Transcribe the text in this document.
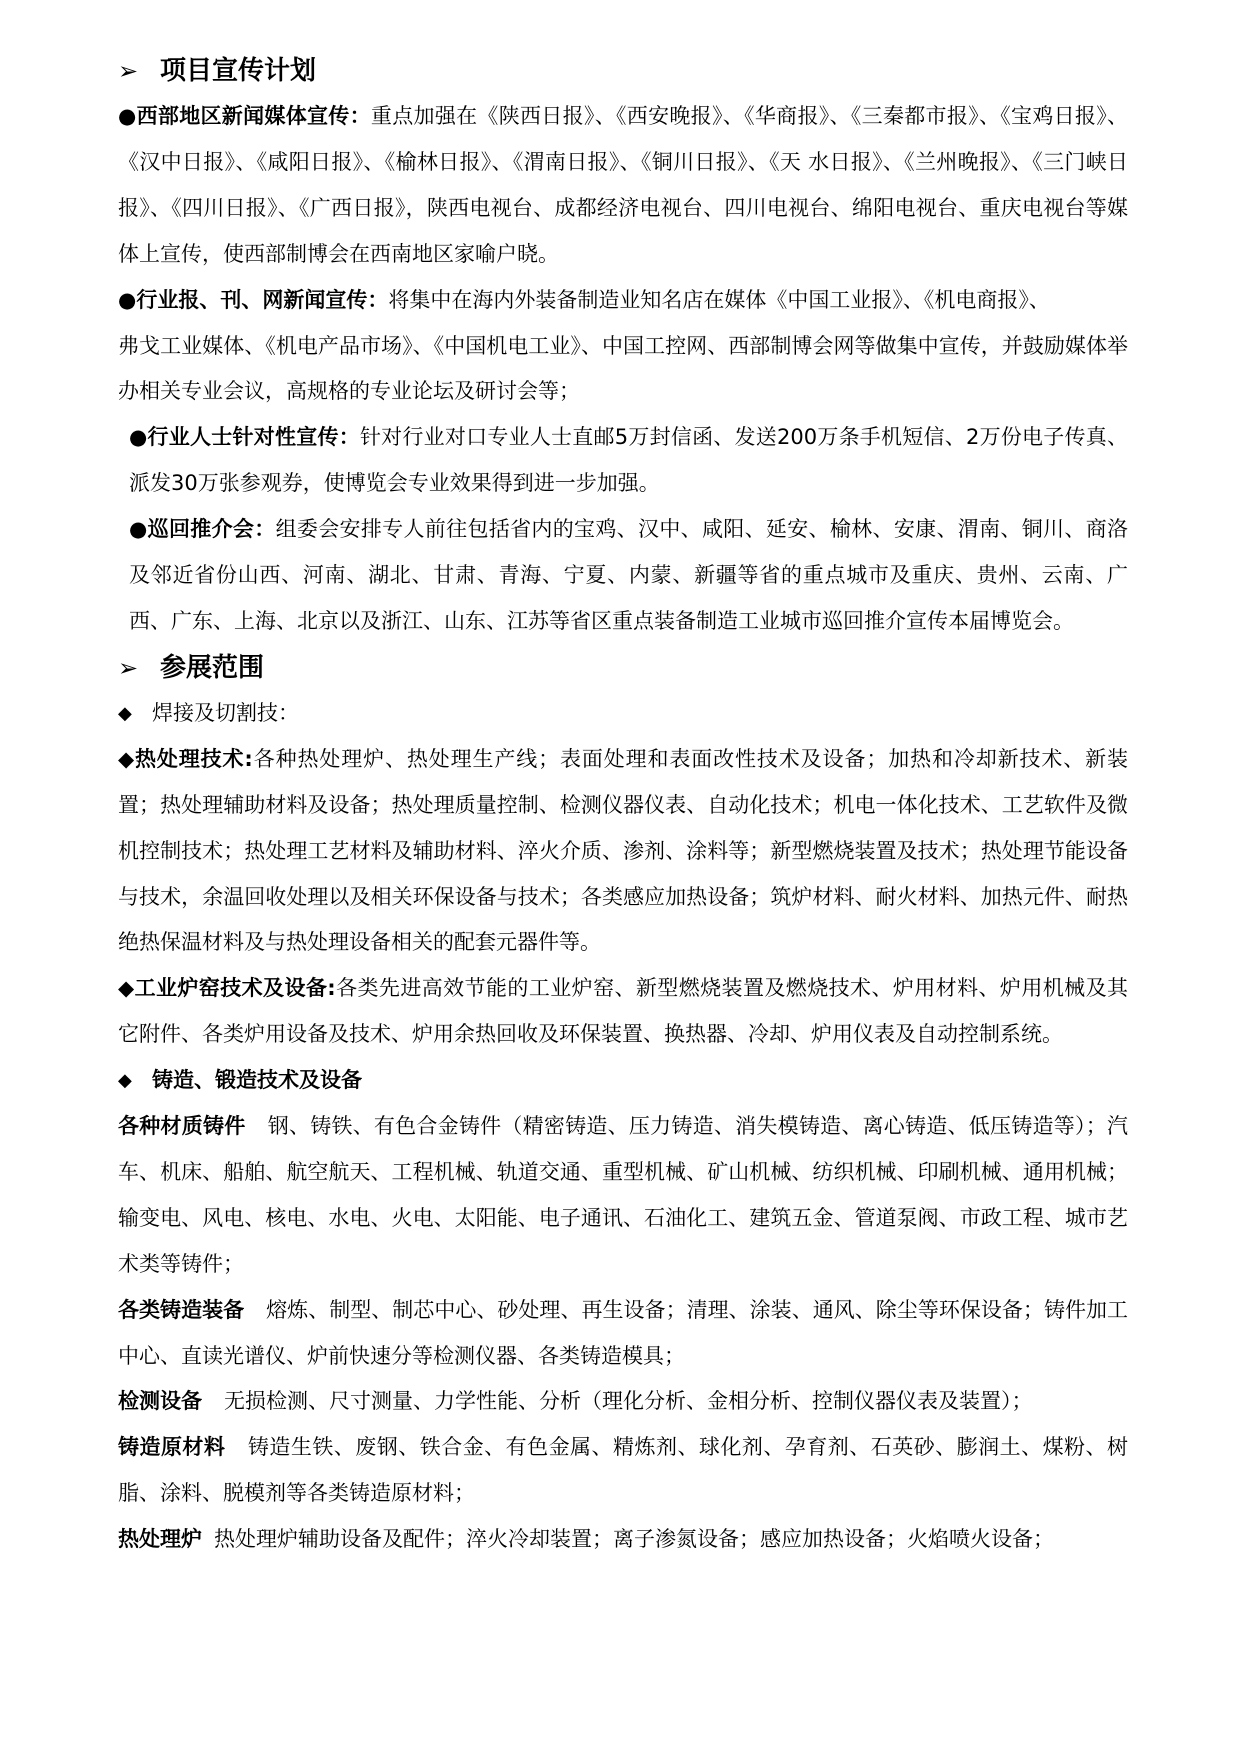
➢ 项目宣传计划

●西部地区新闻媒体宣传：重点加强在《陕西日报》、《西安晚报》、《华商报》、《三秦都市报》、《宝鸡日报》、《汉中日报》、《咸阳日报》、《榆林日报》、《渭南日报》、《铜川日报》、《天 水日报》、《兰州晚报》、《三门峡日报》、《四川日报》、《广西日报》，陕西电视台、成都经济电视台、四川电视台、绵阳电视台、重庆电视台等媒体上宣传，使西部制博会在西南地区家喻户晓。

●行业报、刊、网新闻宣传：将集中在海内外装备制造业知名店在媒体《中国工业报》、《机电商报》、

弗戈工业媒体、《机电产品市场》、《中国机电工业》、中国工控网、西部制博会网等做集中宣传，并鼓励媒体举办相关专业会议，高规格的专业论坛及研讨会等；

●行业人士针对性宣传：针对行业对口专业人士直邮5万封信函、发送200万条手机短信、2万份电子传真、派发30万张参观券，使博览会专业效果得到进一步加强。

●巡回推介会：组委会安排专人前往包括省内的宝鸡、汉中、咸阳、延安、榆林、安康、渭南、铜川、商洛及邻近省份山西、河南、湖北、甘肃、青海、宁夏、内蒙、新疆等省的重点城市及重庆、贵州、云南、广西、广东、上海、北京以及浙江、山东、江苏等省区重点装备制造工业城市巡回推介宣传本届博览会。

➢ 参展范围

◆ 焊接及切割技：

◆热处理技术:各种热处理炉、热处理生产线；表面处理和表面改性技术及设备；加热和冷却新技术、新装置；热处理辅助材料及设备；热处理质量控制、检测仪器仪表、自动化技术；机电一体化技术、工艺软件及微机控制技术；热处理工艺材料及辅助材料、淬火介质、渗剂、涂料等；新型燃烧装置及技术；热处理节能设备与技术，余温回收处理以及相关环保设备与技术；各类感应加热设备；筑炉材料、耐火材料、加热元件、耐热绝热保温材料及与热处理设备相关的配套元器件等。

◆工业炉窑技术及设备:各类先进高效节能的工业炉窑、新型燃烧装置及燃烧技术、炉用材料、炉用机械及其它附件、各类炉用设备及技术、炉用余热回收及环保装置、换热器、冷却、炉用仪表及自动控制系统。

◆ 铸造、锻造技术及设备

各种材质铸件 钢、铸铁、有色合金铸件（精密铸造、压力铸造、消失模铸造、离心铸造、低压铸造等）；汽车、机床、船舶、航空航天、工程机械、轨道交通、重型机械、矿山机械、纺织机械、印刷机械、通用机械；输变电、风电、核电、水电、火电、太阳能、电子通讯、石油化工、建筑五金、管道泵阀、市政工程、城市艺术类等铸件；

各类铸造装备 熔炼、制型、制芯中心、砂处理、再生设备；清理、涂装、通风、除尘等环保设备；铸件加工中心、直读光谱仪、炉前快速分等检测仪器、各类铸造模具；

检测设备 无损检测、尺寸测量、力学性能、分析（理化分析、金相分析、控制仪器仪表及装置）；

铸造原材料 铸造生铁、废钢、铁合金、有色金属、精炼剂、球化剂、孕育剂、石英砂、膨润土、煤粉、树脂、涂料、脱模剂等各类铸造原材料；

热处理炉 热处理炉辅助设备及配件；淬火冷却装置；离子渗氮设备；感应加热设备；火焰喷火设备；
